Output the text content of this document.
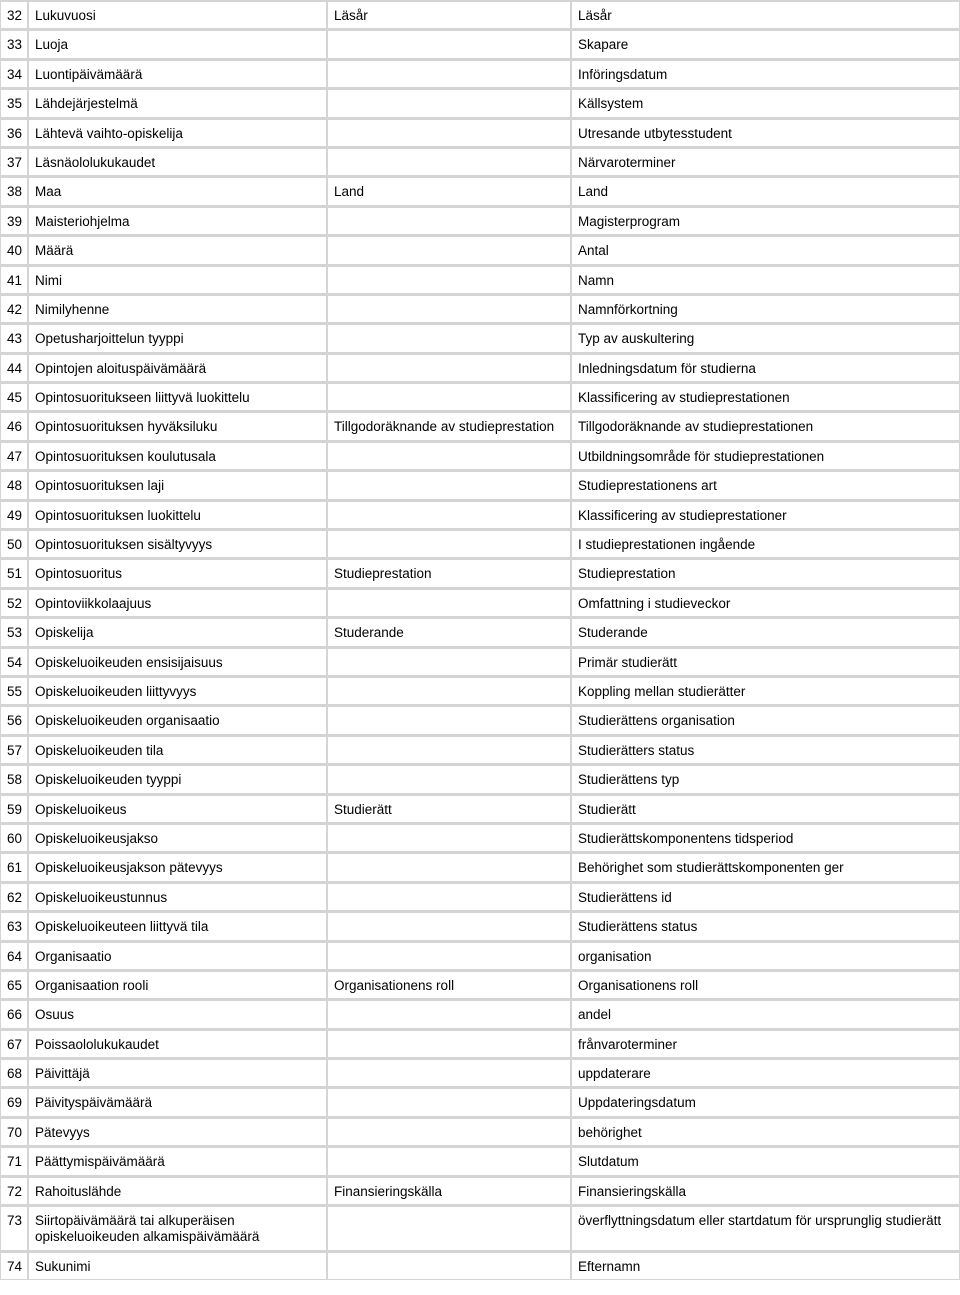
32	Lukuvuosi	Läsår	Läsår
33	Luoja		Skapare
34	Luontipäivämäärä		Införingsdatum
35	Lähdejärjestelmä		Källsystem
36	Lähtevä vaihto-opiskelija		Utresande utbytesstudent
37	Läsnäololukukaudet		Närvaroterminer
38	Maa	Land	Land
39	Maisteriohjelma		Magisterprogram
40	Määrä		Antal
41	Nimi		Namn
42	Nimilyhenne		Namnförkortning
43	Opetusharjoittelun tyyppi		Typ av auskultering
44	Opintojen aloituspäivämäärä		Inledningsdatum för studierna
45	Opintosuoritukseen liittyvä luokittelu		Klassificering av studieprestationen
46	Opintosuorituksen hyväksiluku	Tillgodoräknande av studieprestation	Tillgodoräknande av studieprestationen
47	Opintosuorituksen koulutusala		Utbildningsområde för studieprestationen
48	Opintosuorituksen laji		Studieprestationens art
49	Opintosuorituksen luokittelu		Klassificering av studieprestationer
50	Opintosuorituksen sisältyvyys		I studieprestationen ingående
51	Opintosuoritus	Studieprestation	Studieprestation
52	Opintoviikkolaajuus		Omfattning i studieveckor
53	Opiskelija	Studerande	Studerande
54	Opiskeluoikeuden ensisijaisuus		Primär studierätt
55	Opiskeluoikeuden liittyvyys		Koppling mellan studierätter
56	Opiskeluoikeuden organisaatio		Studierättens organisation
57	Opiskeluoikeuden tila		Studierätters status
58	Opiskeluoikeuden tyyppi		Studierättens typ
59	Opiskeluoikeus	Studierätt	Studierätt
60	Opiskeluoikeusjakso		Studierättskomponentens tidsperiod
61	Opiskeluoikeusjakson pätevyys		Behörighet som studierättskomponenten ger
62	Opiskeluoikeustunnus		Studierättens id
63	Opiskeluoikeuteen liittyvä tila		Studierättens status
64	Organisaatio		organisation
65	Organisaation rooli	Organisationens roll	Organisationens roll
66	Osuus		andel
67	Poissaololukukaudet		frånvaroterminer
68	Päivittäjä		uppdaterare
69	Päivityspäivämäärä		Uppdateringsdatum
70	Pätevyys		behörighet
71	Päättymispäivämäärä		Slutdatum
72	Rahoituslähde	Finansieringskälla	Finansieringskälla
73	Siirtopäivämäärä tai alkuperäisen opiskeluoikeuden alkamispäivämäärä		överflyttningsdatum eller startdatum för ursprunglig studierätt
74	Sukunimi		Efternamn
